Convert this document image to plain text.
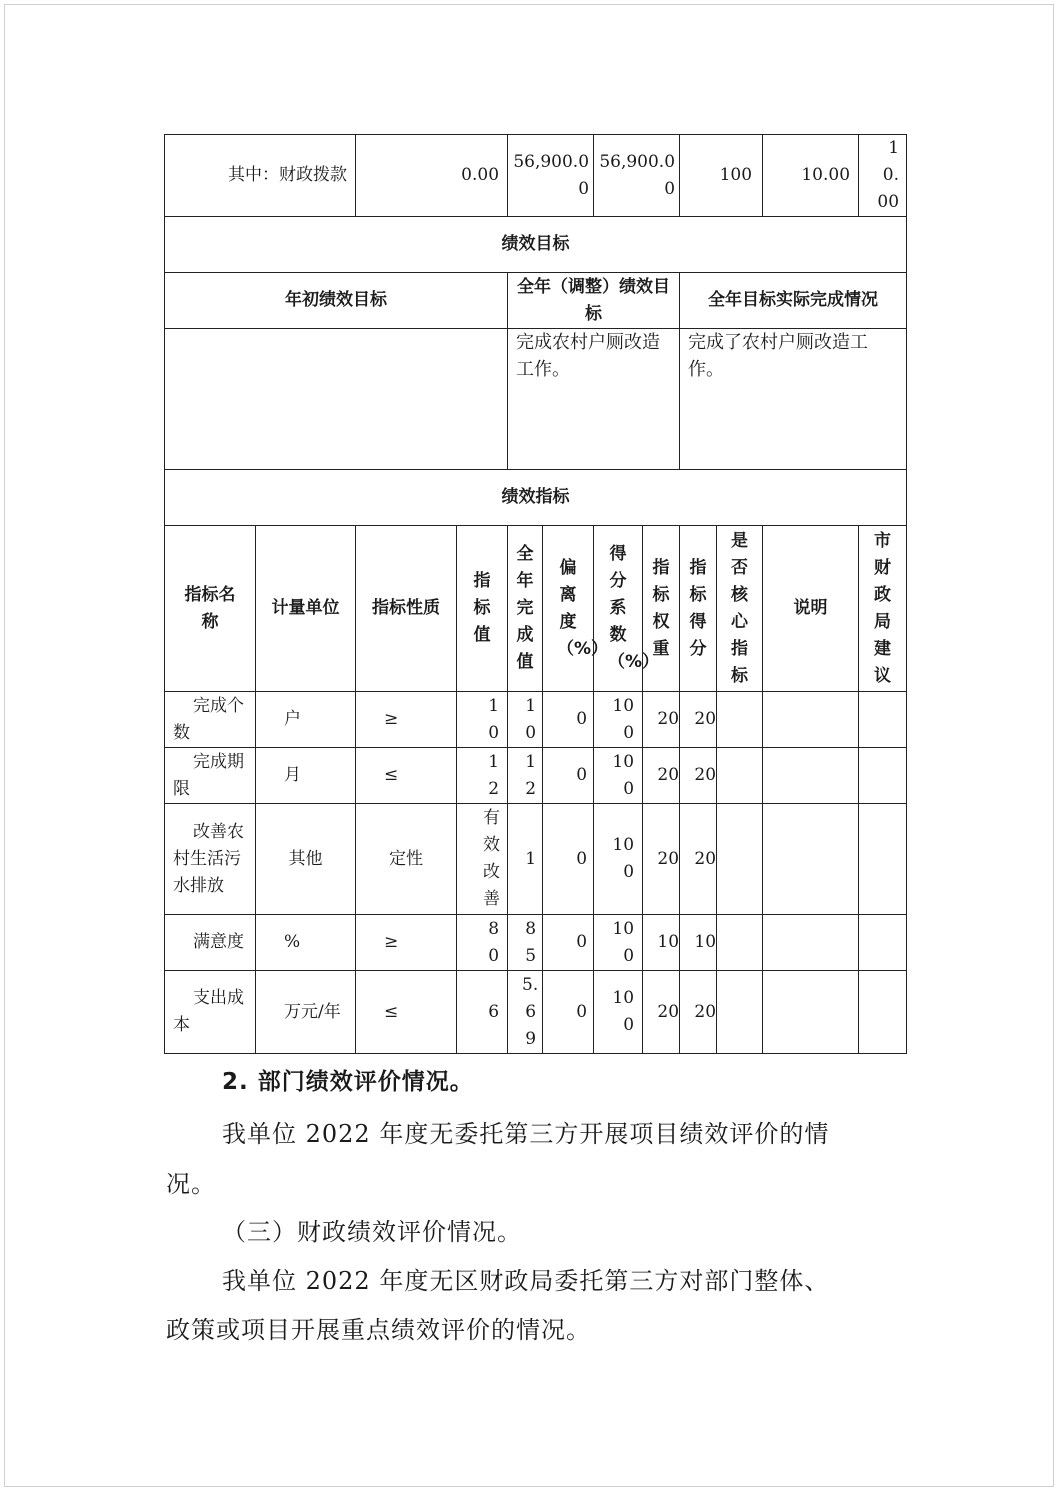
其中：财政拨款		0.00		56,900.00		56,900.00		100		10.00	10.00
绩效目标											
年初绩效目标				全年（调整）绩效目标				全年目标实际完成情况			
				完成农村户厕改造工作。				完成了农村户厕改造工作。			
绩效指标											
指标名称	计量单位	指标性质	指标值	全年完成值	偏离度（%）	得分系数（%）	指标权重	指标得分	是否核心指标	说明	市财政局建议
完成个数	户	≥	10	10	0	100	20	20			
完成期限	月	≤	12	12	0	100	20	20			
改善农村生活污水排放	其他	定性	有效改善	1	0	100	20	20			
满意度	%	≥	80	85	0	100	10	10			
支出成本	万元/年	≤	6	5.69	0	100	20	20			
2. 部门绩效评价情况。
我单位 2022 年度无委托第三方开展项目绩效评价的情
况。
（三）财政绩效评价情况。
我单位 2022 年度无区财政局委托第三方对部门整体、
政策或项目开展重点绩效评价的情况。
